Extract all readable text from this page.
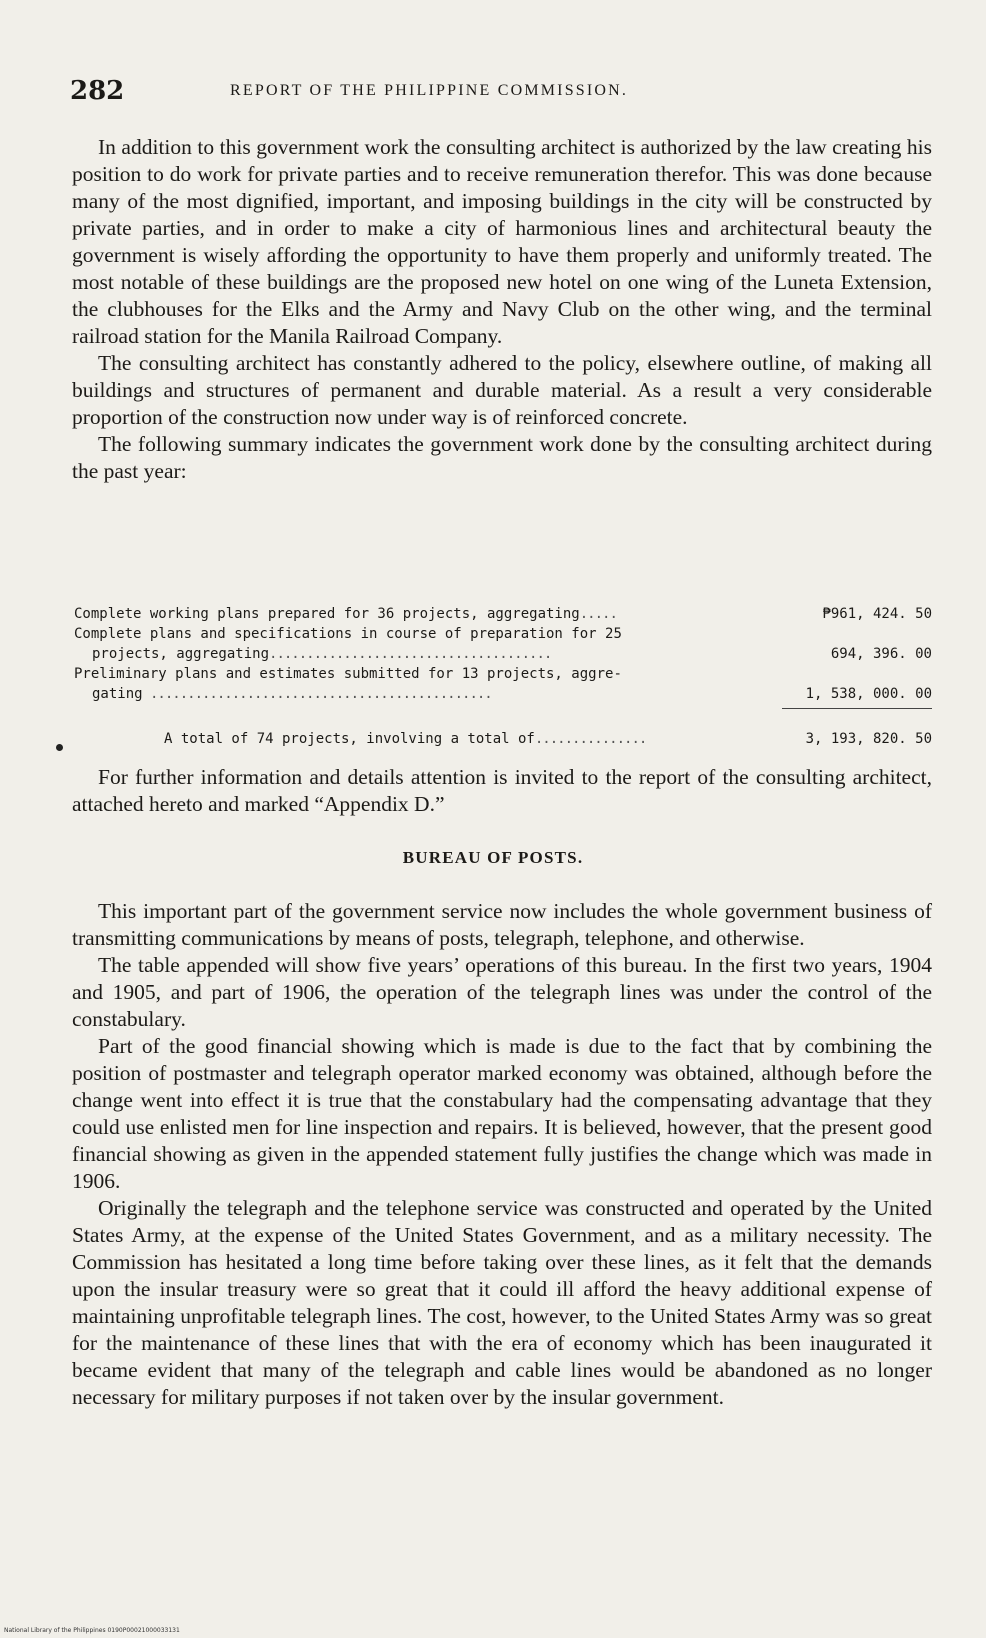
282	REPORT OF THE PHILIPPINE COMMISSION.

In addition to this government work the consulting architect is authorized by the law creating his position to do work for private parties and to receive remuneration therefor. This was done because many of the most dignified, important, and imposing buildings in the city will be constructed by private parties, and in order to make a city of harmonious lines and architectural beauty the government is wisely affording the opportunity to have them properly and uniformly treated. The most notable of these buildings are the proposed new hotel on one wing of the Luneta Extension, the clubhouses for the Elks and the Army and Navy Club on the other wing, and the terminal railroad station for the Manila Railroad Company.

The consulting architect has constantly adhered to the policy, elsewhere outline, of making all buildings and structures of permanent and durable material. As a result a very considerable proportion of the construction now under way is of reinforced concrete.

The following summary indicates the government work done by the consulting architect during the past year:

Complete working plans prepared for 36 projects, aggregating.....	₱961, 424. 50
Complete plans and specifications in course of preparation for 25
projects, aggregating......................................	694, 396. 00
Preliminary plans and estimates submitted for 13 projects, aggre-
gating ..............................................	1, 538, 000. 00
A total of 74 projects, involving a total of...............	3, 193, 820. 50

For further information and details attention is invited to the report of the consulting architect, attached hereto and marked “Appendix D.”

BUREAU OF POSTS.

This important part of the government service now includes the whole government business of transmitting communications by means of posts, telegraph, telephone, and otherwise.

The table appended will show five years’ operations of this bureau. In the first two years, 1904 and 1905, and part of 1906, the operation of the telegraph lines was under the control of the constabulary.

Part of the good financial showing which is made is due to the fact that by combining the position of postmaster and telegraph operator marked economy was obtained, although before the change went into effect it is true that the constabulary had the compensating advantage that they could use enlisted men for line inspection and repairs. It is believed, however, that the present good financial showing as given in the appended statement fully justifies the change which was made in 1906.

Originally the telegraph and the telephone service was constructed and operated by the United States Army, at the expense of the United States Government, and as a military necessity. The Commission has hesitated a long time before taking over these lines, as it felt that the demands upon the insular treasury were so great that it could ill afford the heavy additional expense of maintaining unprofitable telegraph lines. The cost, however, to the United States Army was so great for the maintenance of these lines that with the era of economy which has been inaugurated it became evident that many of the telegraph and cable lines would be abandoned as no longer necessary for military purposes if not taken over by the insular government.

National Library of the Philippines 0190P00021000033131
